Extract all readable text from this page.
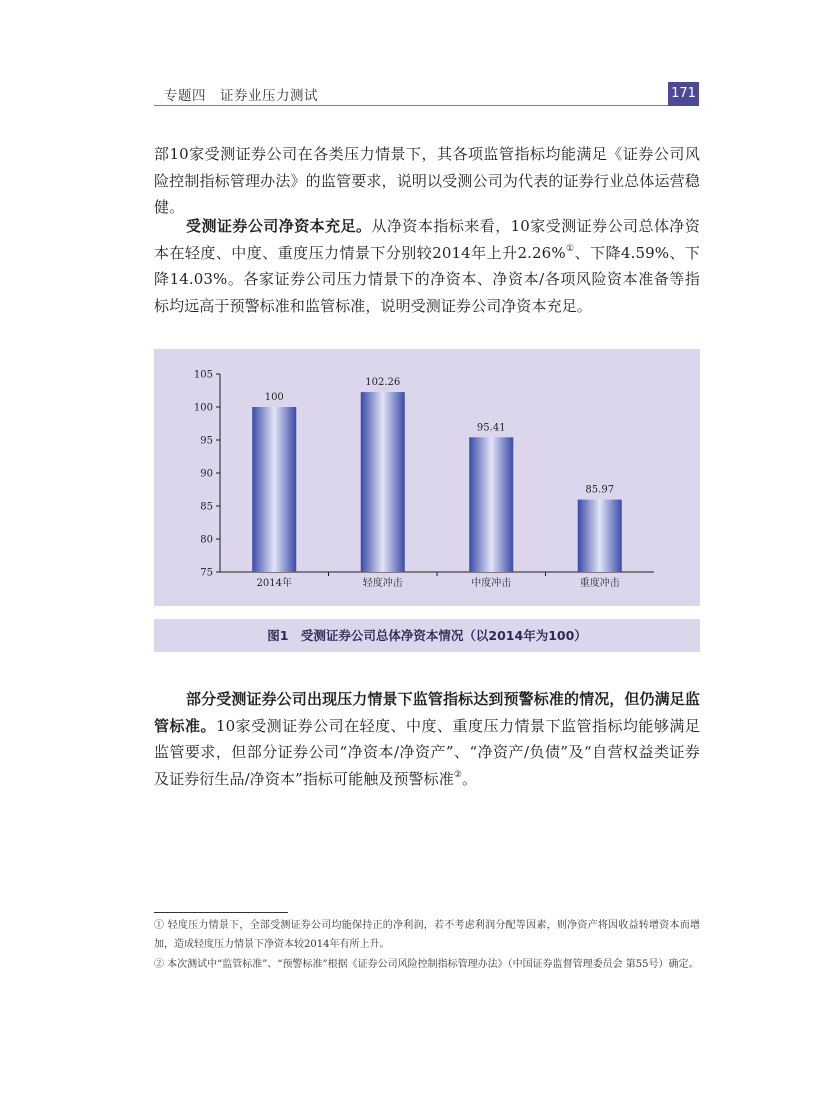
专题四　证券业压力测试	171

部10家受测证券公司在各类压力情景下，其各项监管指标均能满足《证券公司风险控制指标管理办法》的监管要求，说明以受测公司为代表的证券行业总体运营稳健。

受测证券公司净资本充足。从净资本指标来看，10家受测证券公司总体净资本在轻度、中度、重度压力情景下分别较2014年上升2.26%①、下降4.59%、下降14.03%。各家证券公司压力情景下的净资本、净资本/各项风险资本准备等指标均远高于预警标准和监管标准，说明受测证券公司净资本充足。

75
80
85
90
95
100
105
100
2014年
102.26
轻度冲击
95.41
中度冲击
85.97
重度冲击
图1　受测证券公司总体净资本情况（以2014年为100）

部分受测证券公司出现压力情景下监管指标达到预警标准的情况，但仍满足监管标准。10家受测证券公司在轻度、中度、重度压力情景下监管指标均能够满足监管要求，但部分证券公司“净资本/净资产”、“净资产/负债”及“自营权益类证券及证券衍生品/净资本”指标可能触及预警标准②。

① 轻度压力情景下，全部受测证券公司均能保持正的净利润，若不考虑利润分配等因素，则净资产将因收益转增资本而增加，造成轻度压力情景下净资本较2014年有所上升。

② 本次测试中“监管标准”、“预警标准”根据《证券公司风险控制指标管理办法》（中国证券监督管理委员会 第55号）确定。
